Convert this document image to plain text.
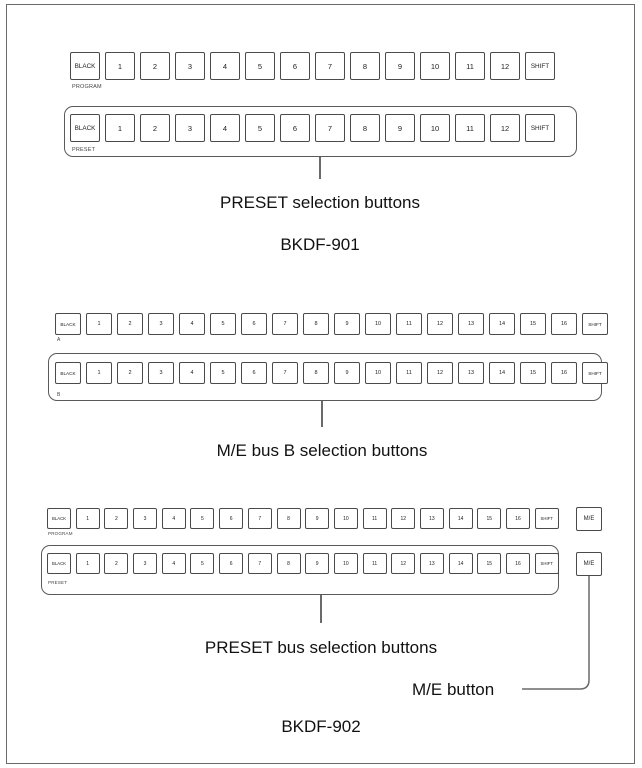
BLACK	1	2	3	4	5	6	7	8	9	10	11	12	SHIFT
PROGRAM
BLACK	1	2	3	4	5	6	7	8	9	10	11	12	SHIFT
PRESET
PRESET selection buttons
BKDF-901
BLACK	1	2	3	4	5	6	7	8	9	10	11	12	13	14	15	16	SHIFT
A
BLACK	1	2	3	4	5	6	7	8	9	10	11	12	13	14	15	16	SHIFT
B
M/E bus B selection buttons
BLACK	1	2	3	4	5	6	7	8	9	10	11	12	13	14	15	16	SHIFT
PROGRAM
BLACK	1	2	3	4	5	6	7	8	9	10	11	12	13	14	15	16	SHIFT
PRESET
M/E
M/E
PRESET bus selection buttons
M/E button
BKDF-902
